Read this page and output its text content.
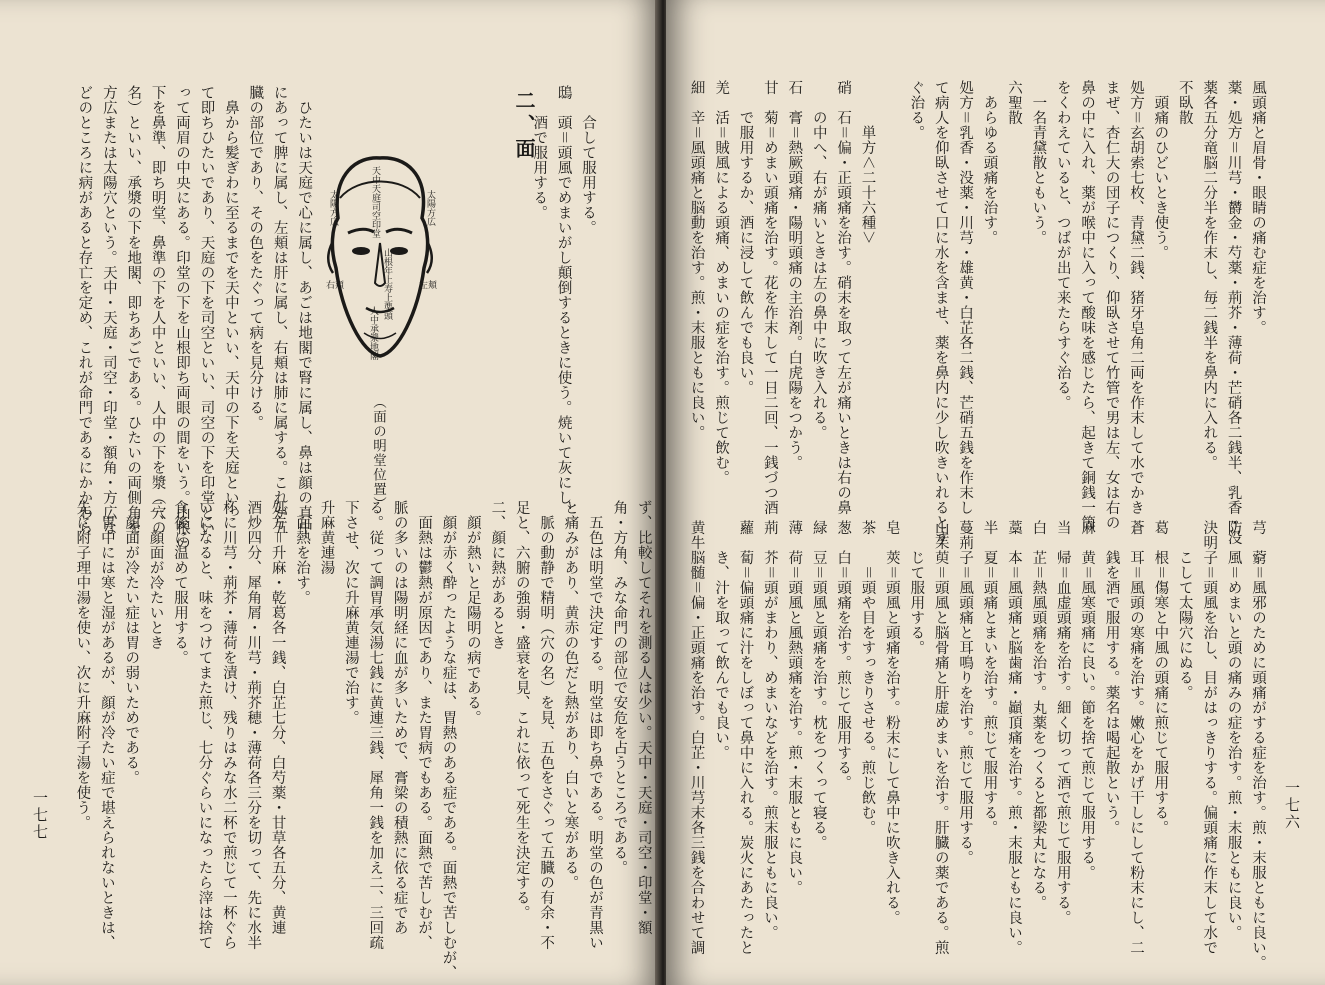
　　合して服用する。
鴟　頭＝頭風でめまいがし顛倒するときに使う。焼いて灰にし、
　　酒で服用する。
二、面
天中天庭司空印堂	太陽方広
太陽方広
右頬	左頬
山根年上寿上準頭
人中承漿地閣
（面の明堂位置）
　ひたいは天庭で心に属し、あごは地閣で腎に属し、鼻は顔の真中
にあって脾に属し、左頬は肝に属し、右頬は肺に属する。これが五
臓の部位であり、その色をたぐって病を見分ける。
　鼻から髪ぎわに至るまでを天中といい、天中の下を天庭といっ
て即ちひたいであり、天庭の下を司空といい、司空の下を印堂とい
って両眉の中央にある。印堂の下を山根即ち両眼の間をいう。山根の
下を鼻準、即ち明堂、鼻準の下を人中といい、人中の下を漿（穴の
名）といい、承漿の下を地閣、即ちあごである。ひたいの両側角を
方広または太陽穴という。天中・天庭・司空・印堂・額角・方広な
どのところに病があると存亡を定め、これが命門であるにかかわら
ず、比較してそれを測る人は少い。天中・天庭・司空・印堂・額
角・方角、みな命門の部位で安危を占うところである。
　五色は明堂で決定する。明堂は即ち鼻である。明堂の色が青黒い
と痛みがあり、黄赤の色だと熱があり、白いと寒がある。
　脈の動静で精明（穴の名）を見、五色をさぐって五臓の有余・不
足と、六腑の強弱・盛衰を見、これに依って死生を決定する。
二、顔に熱があるとき
　顔が熱いと足陽明の病である。
　顔が赤く酔ったような症は、胃熱のある症である。面熱で苦しむが、
　面熱は鬱熱が原因であり、また胃病でもある。面熱で苦しむが、
脈の多いのは陽明経に血が多いためで、膏梁の積熱に依る症であ
る。従って調胃承気湯七銭に黄連三銭、犀角一銭を加え二、三回疏
下させ、次に升麻黄連湯で治す。
升麻黄連湯
　面熱を治す。
処方＝升麻・乾葛各一銭、白芷七分、白芍薬・甘草各五分、黄連
酒炒四分、犀角屑・川芎・荊芥穂・薄荷各三分を切って、先に水半
杯に川芎・荊芥・薄荷を漬け、残りはみな水二杯で煎じて一杯ぐら
いになると、味をつけてまた煎じ、七分ぐらいになったら滓は捨て
食後に温めて服用する。
二、顔面が冷たいとき
　顔面が冷たい症は胃の弱いためである。
　胃中には寒と湿があるが、顔が冷たい症で堪えられないときは、
先に附子理中湯を使い、次に升麻附子湯を使う。
一七七
風頭痛と眉骨・眼睛の痛む症を治す。
薬・処方＝川芎・欝金・芍薬・荊芥・薄荷・芒硝各二銭半、乳香・没
薬各五分竜脳二分半を作末し、毎二銭半を鼻内に入れる。
不臥散
　頭痛のひどいとき使う。
処方＝玄胡索七枚、青黛二銭、猪牙皂角二両を作末して水でかき
まぜ、杏仁大の団子につくり、仰臥させて竹管で男は左、女は右の
鼻の中に入れ、薬が喉中に入って酸味を感じたら、起きて銅銭一箇
をくわえていると、つばが出て来たらすぐ治る。
　一名青黛散ともいう。
六聖散
　あらゆる頭痛を治す。
処方＝乳香・没薬・川芎・雄黄・白芷各二銭、芒硝五銭を作末し
て病人を仰臥させて口に水を含ませ、薬を鼻内に少し吹きいれるとす
ぐ治る。

　　　単方＜二十六種＞
硝　石＝偏・正頭痛を治す。硝末を取って左が痛いときは右の鼻
　　の中へ、右が痛いときは左の鼻中に吹き入れる。
石　膏＝熱厥頭痛・陽明頭痛の主治剤。白虎陽をつかう。
甘　菊＝めまい頭痛を治す。花を作末して一日二回、一銭づつ酒
　　で服用するか、酒に浸して飲んでも良い。
羌　活＝賊風による頭痛、めまいの症を治す。煎じて飲む。
細　辛＝風頭痛と脳動を治す。煎・末服ともに良い。
芎　藭＝風邪のために頭痛がする症を治す。煎・末服ともに良い。
防　風＝めまいと頭の痛みの症を治す。煎・末服ともに良い。
決明子＝頭風を治し、目がはっきりする。偏頭痛に作末して水で
　　こして太陽穴にぬる。
葛　根＝傷寒と中風の頭痛に煎じて服用する。
蒼　耳＝風頭の寒痛を治す。嫩心をかげ干しにして粉末にし、二
　　銭を酒で服用する。薬名は喝起散という。
麻　黄＝風寒頭痛に良い。節を捨て煎じて服用する。
当　帰＝血虚頭痛を治す。細く切って酒で煎じて服用する。
白　芷＝熱風頭痛を治す。丸薬をつくると都梁丸になる。
藁　本＝風頭痛と脳歯痛・巓頂痛を治す。煎・末服ともに良い。
半　夏＝頭痛とまいを治す。煎じて服用する。
蔓荊子＝風頭痛と耳鳴りを治す。煎じて服用する。
山茱萸＝頭風と脳骨痛と肝虚めまいを治す。肝臓の薬である。煎
　　じて服用する。
皂　莢＝頭風と頭痛を治す。粉末にして鼻中に吹き入れる。
茶　　＝頭や目をすっきりさせる。煎じ飲む。
葱　白＝頭痛を治す。煎じて服用する。
緑　豆＝頭風と頭痛を治す。枕をつくって寝る。
薄　荷＝頭風と風熱頭痛を治す。煎・末服ともに良い。
荊　芥＝頭がまわり、めまいなどを治す。煎末服ともに良い。
蘿　蔔＝偏頭痛に汁をしぼって鼻中に入れる。炭火にあたったと
　　き、汁を取って飲んでも良い。
黄牛脳髄＝偏・正頭痛を治す。白芷・川芎末各三銭を合わせて調	一七六
